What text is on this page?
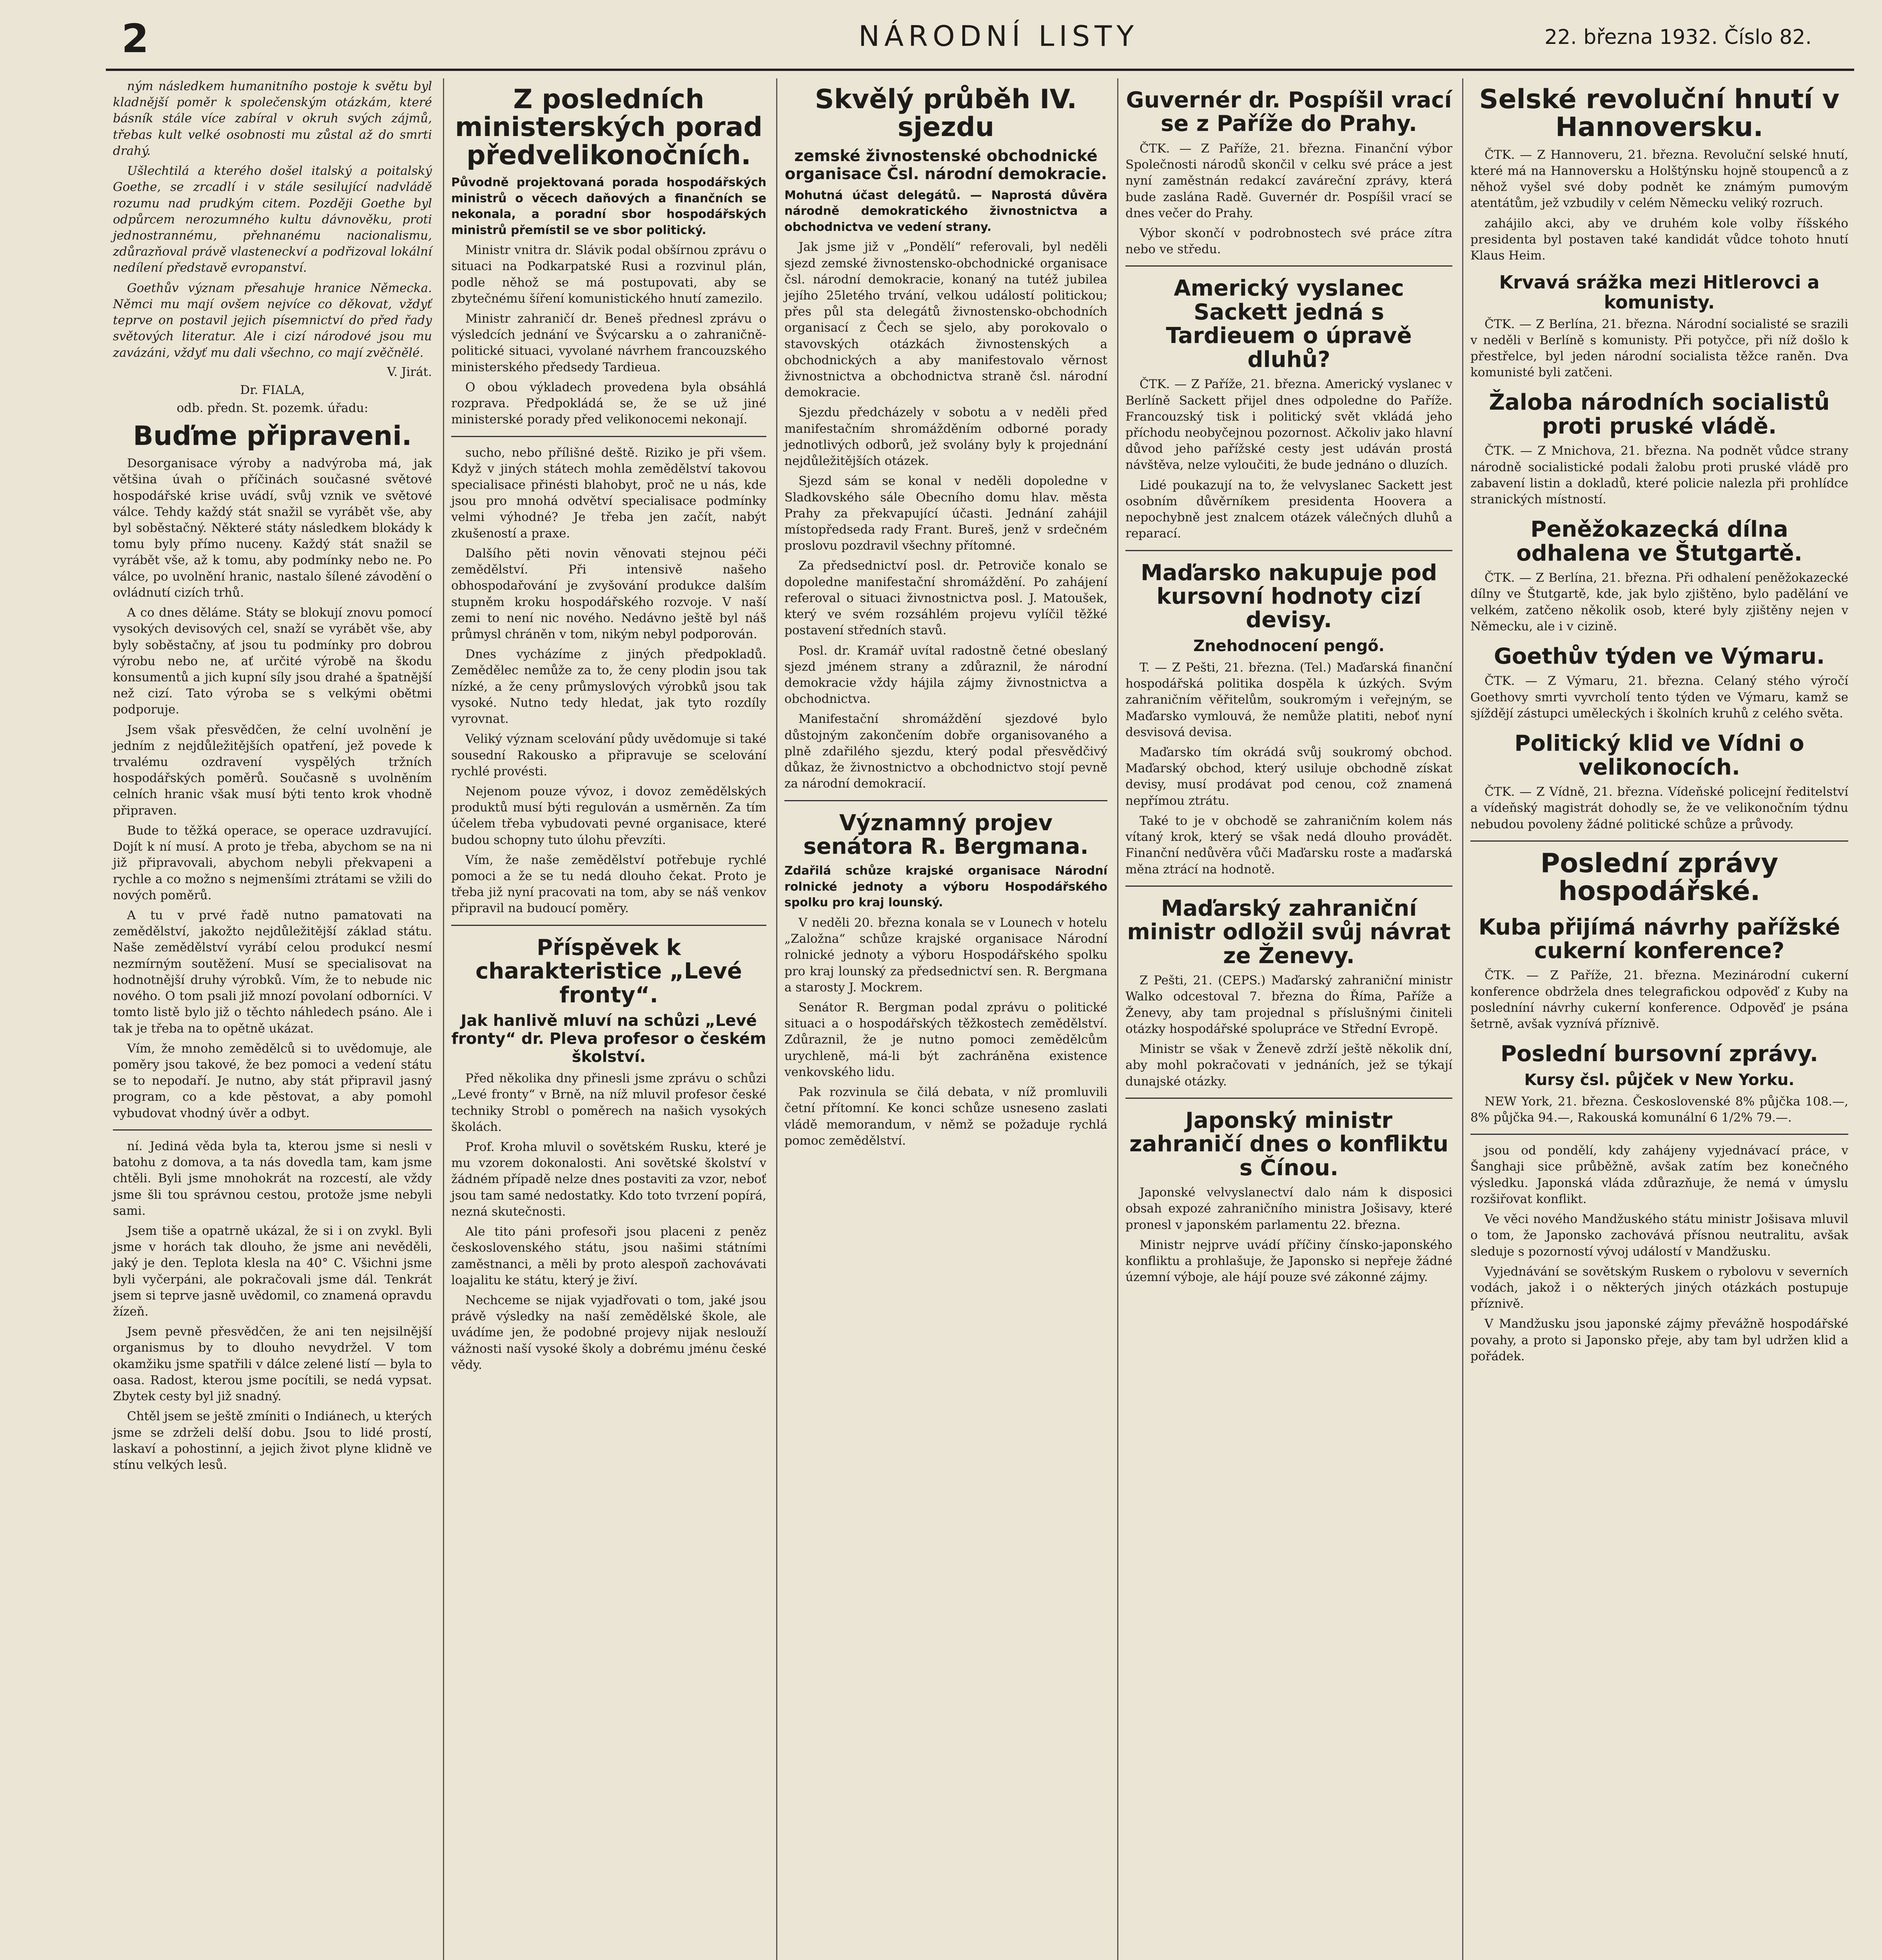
2	NÁRODNÍ LISTY	22. března 1932. Číslo 82.

ným následkem humanitního postoje k světu byl kladnější poměr k společenským otázkám, které básník stále více zabíral v okruh svých zájmů, třebas kult velké osobnosti mu zůstal až do smrti drahý.

Ušlechtilá a kterého došel italský a poitalský Goethe, se zrcadlí i v stále sesilující nadvládě rozumu nad prudkým citem. Později Goethe byl odpůrcem nerozumného kultu dávnověku, proti jednostrannému, přehnanému nacionalismu, zdůrazňoval právě vlasteneckví a podřizoval lokální nedílení představě evropanství.

Goethův význam přesahuje hranice Německa. Němci mu mají ovšem nejvíce co děkovat, vždyť teprve on postavil jejich písemnictví do před řady světových literatur. Ale i cizí národové jsou mu zavázáni, vždyť mu dali všechno, co mají zvěčnělé.

V. Jirát.
Dr. FIALA,
odb. předn. St. pozemk. úřadu:
Buďme připraveni.

Desorganisace výroby a nadvýroba má, jak většina úvah o příčinách současné světové hospodářské krise uvádí, svůj vznik ve světové válce. Tehdy každý stát snažil se vyrábět vše, aby byl soběstačný. Některé státy následkem blokády k tomu byly přímo nuceny. Každý stát snažil se vyrábět vše, až k tomu, aby podmínky nebo ne. Po válce, po uvolnění hranic, nastalo šílené závodění o ovládnutí cizích trhů.

A co dnes děláme. Státy se blokují znovu pomocí vysokých devisových cel, snaží se vyrábět vše, aby byly soběstačny, ať jsou tu podmínky pro dobrou výrobu nebo ne, ať určité výrobě na škodu konsumentů a jich kupní síly jsou drahé a špatnější než cizí. Tato výroba se s velkými obětmi podporuje.

Jsem však přesvědčen, že celní uvolnění je jedním z nejdůležitějších opatření, jež povede k trvalému ozdravení vyspělých tržních hospodářských poměrů. Současně s uvolněním celních hranic však musí býti tento krok vhodně připraven.

Bude to těžká operace, se operace uzdravující. Dojít k ní musí. A proto je třeba, abychom se na ni již připravovali, abychom nebyli překvapeni a rychle a co možno s nejmenšími ztrátami se vžili do nových poměrů.

A tu v prvé řadě nutno pamatovati na zemědělství, jakožto nejdůležitější základ státu. Naše zemědělství vyrábí celou produkcí nesmí nezmírným soutěžení. Musí se specialisovat na hodnotnější druhy výrobků. Vím, že to nebude nic nového. O tom psali již mnozí povolaní odborníci. V tomto listě bylo již o těchto náhledech psáno. Ale i tak je třeba na to opětně ukázat.

Vím, že mnoho zemědělců si to uvědomuje, ale poměry jsou takové, že bez pomoci a vedení státu se to nepodaří. Je nutno, aby stát připravil jasný program, co a kde pěstovat, a aby pomohl vybudovat vhodný úvěr a odbyt.

ní. Jediná věda byla ta, kterou jsme si nesli v batohu z domova, a ta nás dovedla tam, kam jsme chtěli. Byli jsme mnohokrát na rozcestí, ale vždy jsme šli tou správnou cestou, protože jsme nebyli sami.

Jsem tiše a opatrně ukázal, že si i on zvykl. Byli jsme v horách tak dlouho, že jsme ani nevěděli, jaký je den. Teplota klesla na 40° C. Všichni jsme byli vyčerpáni, ale pokračovali jsme dál. Tenkrát jsem si teprve jasně uvědomil, co znamená opravdu žízeň.

Jsem pevně přesvědčen, že ani ten nejsilnější organismus by to dlouho nevydržel. V tom okamžiku jsme spatřili v dálce zelené listí — byla to oasa. Radost, kterou jsme pocítili, se nedá vypsat. Zbytek cesty byl již snadný.

Chtěl jsem se ještě zmíniti o Indiánech, u kterých jsme se zdrželi delší dobu. Jsou to lidé prostí, laskaví a pohostinní, a jejich život plyne klidně ve stínu velkých lesů.

Z posledních ministerských porad předvelikonočních.
Původně projektovaná porada hospodářských ministrů o věcech daňových a finančních se nekonala, a poradní sbor hospodářských ministrů přemístil se ve sbor politický.

Ministr vnitra dr. Slávik podal obšírnou zprávu o situaci na Podkarpatské Rusi a rozvinul plán, podle něhož se má postupovati, aby se zbytečnému šíření komunistického hnutí zamezilo.

Ministr zahraničí dr. Beneš přednesl zprávu o výsledcích jednání ve Švýcarsku a o zahraničně-politické situaci, vyvolané návrhem francouzského ministerského předsedy Tardieua.

O obou výkladech provedena byla obsáhlá rozprava. Předpokládá se, že se už jiné ministerské porady před velikonocemi nekonají.

sucho, nebo přílišné deště. Riziko je při všem. Když v jiných státech mohla zemědělství takovou specialisace přinésti blahobyt, proč ne u nás, kde jsou pro mnohá odvětví specialisace podmínky velmi výhodné? Je třeba jen začít, nabýt zkušeností a praxe.

Dalšího pěti novin věnovati stejnou péči zemědělství. Při intensivě našeho obhospodařování je zvyšování produkce dalším stupněm kroku hospodářského rozvoje. V naší zemi to není nic nového. Nedávno ještě byl náš průmysl chráněn v tom, nikým nebyl podporován.

Dnes vycházíme z jiných předpokladů. Zemědělec nemůže za to, že ceny plodin jsou tak nízké, a že ceny průmyslových výrobků jsou tak vysoké. Nutno tedy hledat, jak tyto rozdíly vyrovnat.

Veliký význam scelování půdy uvědomuje si také sousední Rakousko a připravuje se scelování rychlé provésti.

Nejenom pouze vývoz, i dovoz zemědělských produktů musí býti regulován a usměrněn. Za tím účelem třeba vybudovati pevné organisace, které budou schopny tuto úlohu převzíti.

Vím, že naše zemědělství potřebuje rychlé pomoci a že se tu nedá dlouho čekat. Proto je třeba již nyní pracovati na tom, aby se náš venkov připravil na budoucí poměry.

Příspěvek k charakteristice „Levé fronty“.
Jak hanlivě mluví na schůzi „Levé fronty“ dr. Pleva profesor o českém školství.

Před několika dny přinesli jsme zprávu o schůzi „Levé fronty“ v Brně, na níž mluvil profesor české techniky Strobl o poměrech na našich vysokých školách.

Prof. Kroha mluvil o sovětském Rusku, které je mu vzorem dokonalosti. Ani sovětské školství v žádném případě nelze dnes postaviti za vzor, neboť jsou tam samé nedostatky. Kdo toto tvrzení popírá, nezná skutečnosti.

Ale tito páni profesoři jsou placeni z peněz československého státu, jsou našimi státními zaměstnanci, a měli by proto alespoň zachovávati loajalitu ke státu, který je živí.

Nechceme se nijak vyjadřovati o tom, jaké jsou právě výsledky na naší zemědělské škole, ale uvádíme jen, že podobné projevy nijak neslouží vážnosti naší vysoké školy a dobrému jménu české vědy.

Skvělý průběh IV. sjezdu
zemské živnostenské obchodnické organisace Čsl. národní demokracie.
Mohutná účast delegátů. — Naprostá důvěra národně demokratického živnostnictva a obchodnictva ve vedení strany.

Jak jsme již v „Pondělí“ referovali, byl neděli sjezd zemské živnostensko-obchodnické organisace čsl. národní demokracie, konaný na tutéž jubilea jejího 25letého trvání, velkou událostí politickou; přes půl sta delegátů živnostensko-obchodních organisací z Čech se sjelo, aby porokovalo o stavovských otázkách živnostenských a obchodnických a aby manifestovalo věrnost živnostnictva a obchodnictva straně čsl. národní demokracie.

Sjezdu předcházely v sobotu a v neděli před manifestačním shromážděním odborné porady jednotlivých odborů, jež svolány byly k projednání nejdůležitějších otázek.

Sjezd sám se konal v neděli dopoledne v Sladkovského sále Obecního domu hlav. města Prahy za překvapující účasti. Jednání zahájil místopředseda rady Frant. Bureš, jenž v srdečném proslovu pozdravil všechny přítomné.

Za předsednictví posl. dr. Petroviče konalo se dopoledne manifestační shromáždění. Po zahájení referoval o situaci živnostnictva posl. J. Matoušek, který ve svém rozsáhlém projevu vylíčil těžké postavení středních stavů.

Posl. dr. Kramář uvítal radostně četné obeslaný sjezd jménem strany a zdůraznil, že národní demokracie vždy hájila zájmy živnostnictva a obchodnictva.

Manifestační shromáždění sjezdové bylo důstojným zakončením dobře organisovaného a plně zdařilého sjezdu, který podal přesvědčivý důkaz, že živnostnictvo a obchodnictvo stojí pevně za národní demokracií.

Významný projev senátora R. Bergmana.
Zdařilá schůze krajské organisace Národní rolnické jednoty a výboru Hospodářského spolku pro kraj lounský.

V neděli 20. března konala se v Lounech v hotelu „Založna“ schůze krajské organisace Národní rolnické jednoty a výboru Hospodářského spolku pro kraj lounský za předsednictví sen. R. Bergmana a starosty J. Mockrem.

Senátor R. Bergman podal zprávu o politické situaci a o hospodářských těžkostech zemědělství. Zdůraznil, že je nutno pomoci zemědělcům urychleně, má-li být zachráněna existence venkovského lidu.

Pak rozvinula se čilá debata, v níž promluvili četní přítomní. Ke konci schůze usneseno zaslati vládě memorandum, v němž se požaduje rychlá pomoc zemědělství.

Guvernér dr. Pospíšil vrací se z Paříže do Prahy.

ČTK. — Z Paříže, 21. března. Finanční výbor Společnosti národů skončil v celku své práce a jest nyní zaměstnán redakcí zaváreční zprávy, která bude zaslána Radě. Guvernér dr. Pospíšil vrací se dnes večer do Prahy.

Výbor skončí v podrobnostech své práce zítra nebo ve středu.

Americký vyslanec Sackett jedná s Tardieuem o úpravě dluhů?

ČTK. — Z Paříže, 21. března. Americký vyslanec v Berlíně Sackett přijel dnes odpoledne do Paříže. Francouzský tisk i politický svět vkládá jeho příchodu neobyčejnou pozornost. Ačkoliv jako hlavní důvod jeho pařížské cesty jest udáván prostá návštěva, nelze vyloučiti, že bude jednáno o dluzích.

Lidé poukazují na to, že velvyslanec Sackett jest osobním důvěrníkem presidenta Hoovera a nepochybně jest znalcem otázek válečných dluhů a reparací.

Maďarsko nakupuje pod kursovní hodnoty cizí devisy.
Znehodnocení pengő.

T. — Z Pešti, 21. března. (Tel.) Maďarská finanční hospodářská politika dospěla k úzkých. Svým zahraničním věřitelům, soukromým i veřejným, se Maďarsko vymlouvá, že nemůže platiti, neboť nyní desvisová devisa.

Maďarsko tím okrádá svůj soukromý obchod. Maďarský obchod, který usiluje obchodně získat devisy, musí prodávat pod cenou, což znamená nepřímou ztrátu.

Také to je v obchodě se zahraničním kolem nás vítaný krok, který se však nedá dlouho provádět. Finanční nedůvěra vůči Maďarsku roste a maďarská měna ztrácí na hodnotě.

Maďarský zahraniční ministr odložil svůj návrat ze Ženevy.

Z Pešti, 21. (CEPS.) Maďarský zahraniční ministr Walko odcestoval 7. března do Říma, Paříže a Ženevy, aby tam projednal s příslušnými činiteli otázky hospodářské spolupráce ve Střední Evropě.

Ministr se však v Ženevě zdrží ještě několik dní, aby mohl pokračovati v jednáních, jež se týkají dunajské otázky.

Japonský ministr zahraničí dnes o konfliktu s Čínou.

Japonské velvyslanectví dalo nám k disposici obsah expozé zahraničního ministra Jošisavy, které pronesl v japonském parlamentu 22. března.

Ministr nejprve uvádí příčiny čínsko-japonského konfliktu a prohlašuje, že Japonsko si nepřeje žádné územní výboje, ale hájí pouze své zákonné zájmy.

Selské revoluční hnutí v Hannoversku.

ČTK. — Z Hannoveru, 21. března. Revoluční selské hnutí, které má na Hannoversku a Holštýnsku hojně stoupenců a z něhož vyšel své doby podnět ke známým pumovým atentátům, jež vzbudily v celém Německu veliký rozruch.

zahájilo akci, aby ve druhém kole volby říšského presidenta byl postaven také kandidát vůdce tohoto hnutí Klaus Heim.

Krvavá srážka mezi Hitlerovci a komunisty.

ČTK. — Z Berlína, 21. března. Národní socialisté se srazili v neděli v Berlíně s komunisty. Při potyčce, při níž došlo k přestřelce, byl jeden národní socialista těžce raněn. Dva komunisté byli zatčeni.

Žaloba národních socialistů proti pruské vládě.

ČTK. — Z Mnichova, 21. března. Na podnět vůdce strany národně socialistické podali žalobu proti pruské vládě pro zabavení listin a dokladů, které policie nalezla při prohlídce stranických místností.

Peněžokazecká dílna odhalena ve Štutgartě.

ČTK. — Z Berlína, 21. března. Při odhalení peněžokazecké dílny ve Štutgartě, kde, jak bylo zjištěno, bylo padělání ve velkém, zatčeno několik osob, které byly zjištěny nejen v Německu, ale i v cizině.

Goethův týden ve Výmaru.

ČTK. — Z Výmaru, 21. března. Celaný stého výročí Goethovy smrti vyvrcholí tento týden ve Výmaru, kamž se sjíždějí zástupci uměleckých i školních kruhů z celého světa.

Politický klid ve Vídni o velikonocích.

ČTK. — Z Vídně, 21. března. Vídeňské policejní ředitelství a vídeňský magistrát dohodly se, že ve velikonočním týdnu nebudou povoleny žádné politické schůze a průvody.

Poslední zprávy hospodářské.
Kuba přijímá návrhy pařížské cukerní konference?

ČTK. — Z Paříže, 21. března. Mezinárodní cukerní konference obdržela dnes telegrafickou odpověď z Kuby na posledníní návrhy cukerní konference. Odpověď je psána šetrně, avšak vyznívá příznivě.

Poslední bursovní zprávy.
Kursy čsl. půjček v New Yorku.

NEW York, 21. března. Československé 8% půjčka 108.—, 8% půjčka 94.—, Rakouská komunální 6 1/2% 79.—.

jsou od pondělí, kdy zahájeny vyjednávací práce, v Šanghaji sice průběžně, avšak zatím bez konečného výsledku. Japonská vláda zdůrazňuje, že nemá v úmyslu rozšiřovat konflikt.

Ve věci nového Mandžuského státu ministr Jošisava mluvil o tom, že Japonsko zachovává přísnou neutralitu, avšak sleduje s pozorností vývoj událostí v Mandžusku.

Vyjednávání se sovětským Ruskem o rybolovu v severních vodách, jakož i o některých jiných otázkách postupuje příznivě.

V Mandžusku jsou japonské zájmy převážně hospodářské povahy, a proto si Japonsko přeje, aby tam byl udržen klid a pořádek.
